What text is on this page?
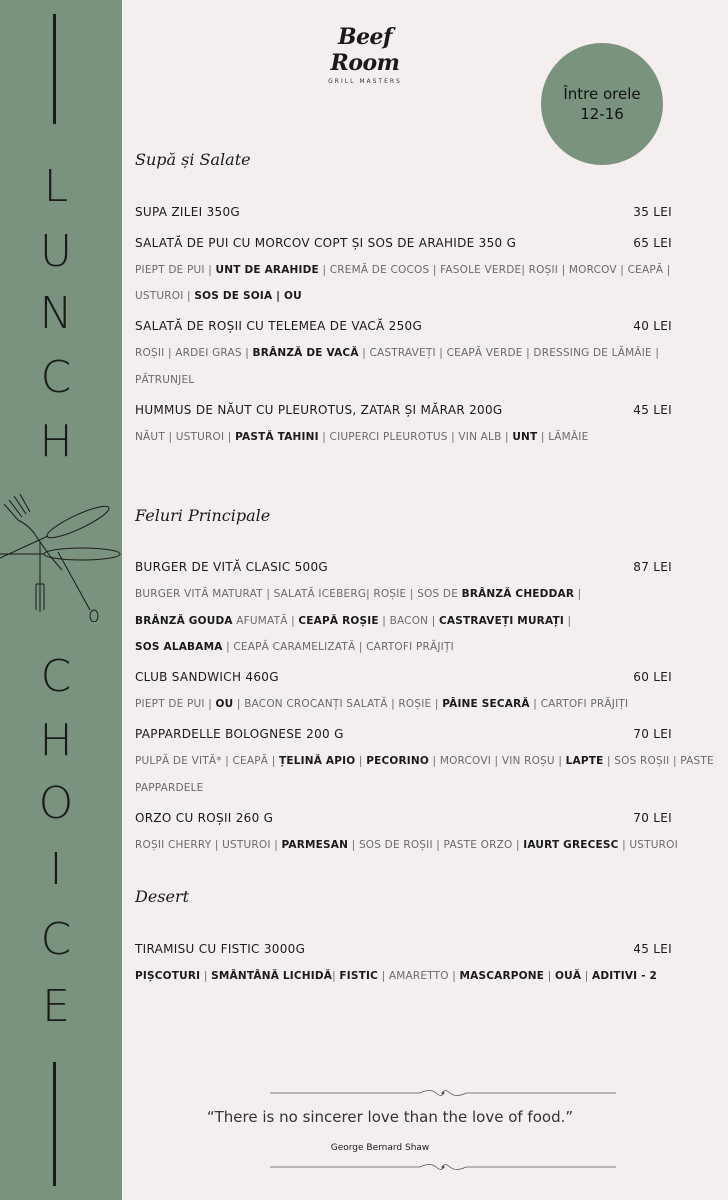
L
U
N
C
H
C
H
O
I
C
E
Beef Room
GRILL MASTERS
Între orele
12-16
Supă și Salate
SUPA ZILEI 350G	35 LEI
SALATĂ DE PUI CU MORCOV COPT ȘI SOS DE ARAHIDE 350 G	65 LEI
PIEPT DE PUI | UNT DE ARAHIDE | CREMĂ DE COCOS | FASOLE VERDE| ROȘII | MORCOV | CEAPĂ |
USTUROI | SOS DE SOIA | OU
SALATĂ DE ROȘII CU TELEMEA DE VACĂ 250G	40 LEI
ROȘII | ARDEI GRAS | BRÂNZĂ DE VACĂ | CASTRAVEȚI | CEAPĂ VERDE | DRESSING DE LĂMÂIE |
PĂTRUNJEL
HUMMUS DE NĂUT CU PLEUROTUS, ZATAR ȘI MĂRAR 200G	45 LEI
NĂUT | USTUROI | PASTĂ TAHINI | CIUPERCI PLEUROTUS | VIN ALB | UNT | LĂMÂIE
Feluri Principale
BURGER DE VITĂ CLASIC 500G	87 LEI
BURGER VITĂ MATURAT | SALATĂ ICEBERG| ROȘIE | SOS DE BRÂNZĂ CHEDDAR |
BRÂNZĂ GOUDA AFUMATĂ | CEAPĂ ROȘIE | BACON | CASTRAVEȚI MURAȚI |
SOS ALABAMA | CEAPĂ CARAMELIZATĂ | CARTOFI PRĂJIȚI
CLUB SANDWICH 460G	60 LEI
PIEPT DE PUI | OU | BACON CROCANȚI SALATĂ | ROȘIE | PÂINE SECARĂ | CARTOFI PRĂJIȚI
PAPPARDELLE BOLOGNESE 200 G	70 LEI
PULPĂ DE VITĂ* | CEAPĂ | ȚELINĂ APIO | PECORINO | MORCOVI | VIN ROȘU | LAPTE | SOS ROȘII | PASTE
PAPPARDELE
ORZO CU ROȘII 260 G	70 LEI
ROȘII CHERRY | USTUROI | PARMESAN | SOS DE ROȘII | PASTE ORZO | IAURT GRECESC | USTUROI
Desert
TIRAMISU CU FISTIC 3000G	45 LEI
PIȘCOTURI | SMÂNTÂNĂ LICHIDĂ| FISTIC | AMARETTO | MASCARPONE | OUĂ | ADITIVI - 2
“There is no sincerer love than the love of food.”
George Bernard Shaw
